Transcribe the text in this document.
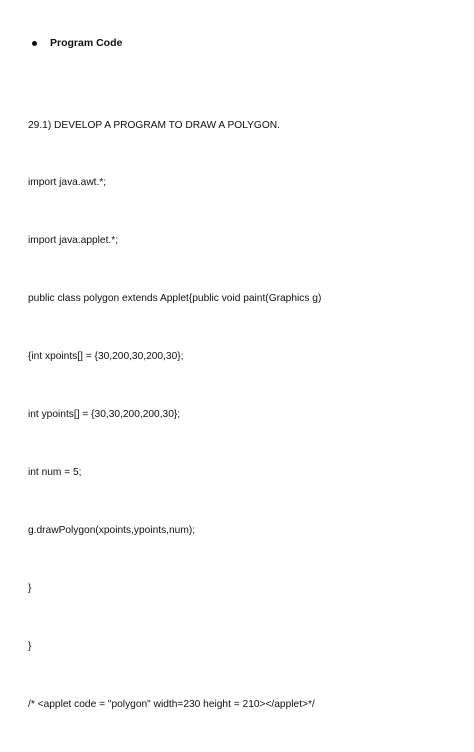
Program Code

29.1) DEVELOP A PROGRAM TO DRAW A POLYGON.

import java.awt.*;

import java.applet.*;

public class polygon extends Applet{public void paint(Graphics g)

{int xpoints[] = {30,200,30,200,30};

int ypoints[] = {30,30,200,200,30};

int num = 5;

g.drawPolygon(xpoints,ypoints,num);

}

}

/* <applet code = "polygon" width=230 height = 210></applet>*/
